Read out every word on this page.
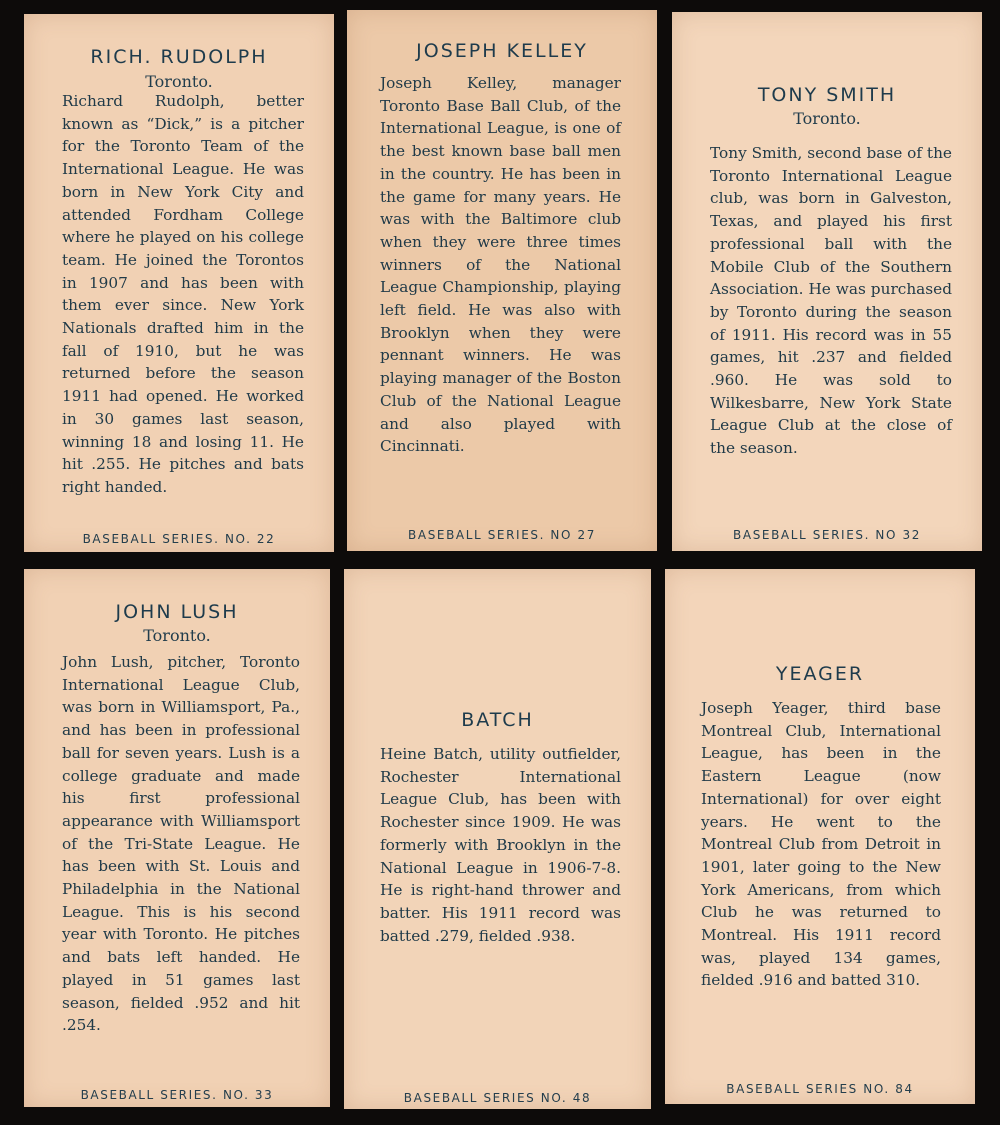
RICH. RUDOLPH
Toronto.
Richard Rudolph, better known as “Dick,” is a pitcher for the Toronto Team of the International League. He was born in New York City and attended Fordham College where he played on his college team. He joined the Torontos in 1907 and has been with them ever since. New York Nationals drafted him in the fall of 1910, but he was returned before the season 1911 had opened. He worked in 30 games last season, winning 18 and losing 11. He hit .255. He pitches and bats right handed.
BASEBALL SERIES. NO. 22
JOSEPH KELLEY
Joseph Kelley, manager Toronto Base Ball Club, of the International League, is one of the best known base ball men in the country. He has been in the game for many years. He was with the Baltimore club when they were three times winners of the National League Championship, playing left field. He was also with Brooklyn when they were pennant winners. He was playing manager of the Boston Club of the National League and also played with Cincinnati.
BASEBALL SERIES. NO 27
TONY SMITH
Toronto.
Tony Smith, second base of the Toronto International League club, was born in Galveston, Texas, and played his first professional ball with the Mobile Club of the Southern Association. He was purchased by Toronto during the season of 1911. His record was in 55 games, hit .237 and fielded .960. He was sold to Wilkesbarre, New York State League Club at the close of the season.
BASEBALL SERIES. NO 32
JOHN LUSH
Toronto.
John Lush, pitcher, Toronto International League Club, was born in Williamsport, Pa., and has been in professional ball for seven years. Lush is a college graduate and made his first professional appearance with Williamsport of the Tri-State League. He has been with St. Louis and Philadelphia in the National League. This is his second year with Toronto. He pitches and bats left handed. He played in 51 games last season, fielded .952 and hit .254.
BASEBALL SERIES. NO. 33
BATCH
Heine Batch, utility outfielder, Rochester International League Club, has been with Rochester since 1909. He was formerly with Brooklyn in the National League in 1906-7-8. He is right-hand thrower and batter. His 1911 record was batted .279, fielded .938.
BASEBALL SERIES NO. 48
YEAGER
Joseph Yeager, third base Montreal Club, International League, has been in the Eastern League (now International) for over eight years. He went to the Montreal Club from Detroit in 1901, later going to the New York Americans, from which Club he was returned to Montreal. His 1911 record was, played 134 games, fielded .916 and batted 310.
BASEBALL SERIES NO. 84
